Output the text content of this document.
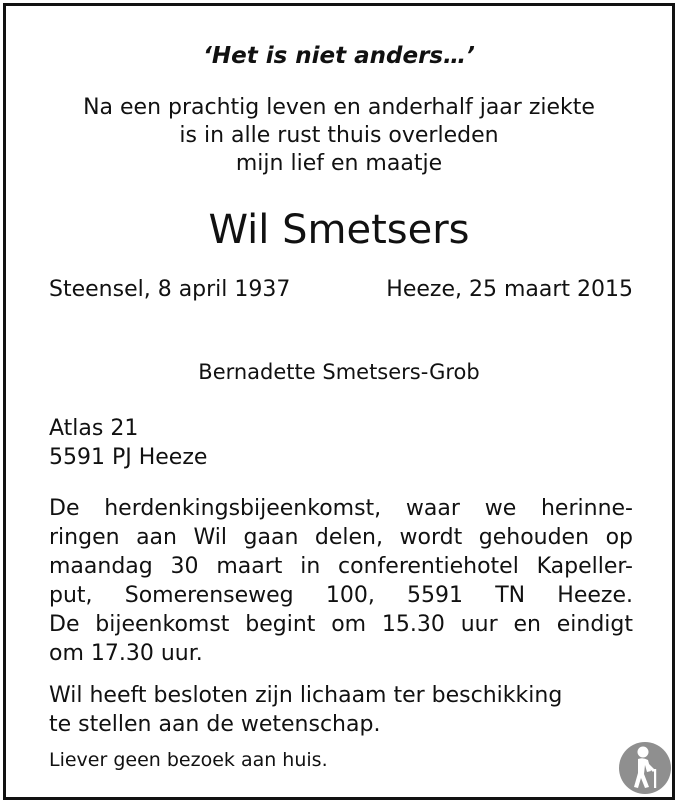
‘Het is niet anders…’
Na een prachtig leven en anderhalf jaar ziekte
is in alle rust thuis overleden
mijn lief en maatje
Wil Smetsers
Steensel, 8 april 1937	Heeze, 25 maart 2015
Bernadette Smetsers-Grob
Atlas 21
5591 PJ Heeze
De herdenkingsbijeenkomst, waar we herinne-
ringen aan Wil gaan delen, wordt gehouden op
maandag 30 maart in conferentiehotel Kapeller-
put, Somerenseweg 100, 5591 TN Heeze.
De bijeenkomst begint om 15.30 uur en eindigt
om 17.30 uur.
Wil heeft besloten zijn lichaam ter beschikking
te stellen aan de wetenschap.
Liever geen bezoek aan huis.
